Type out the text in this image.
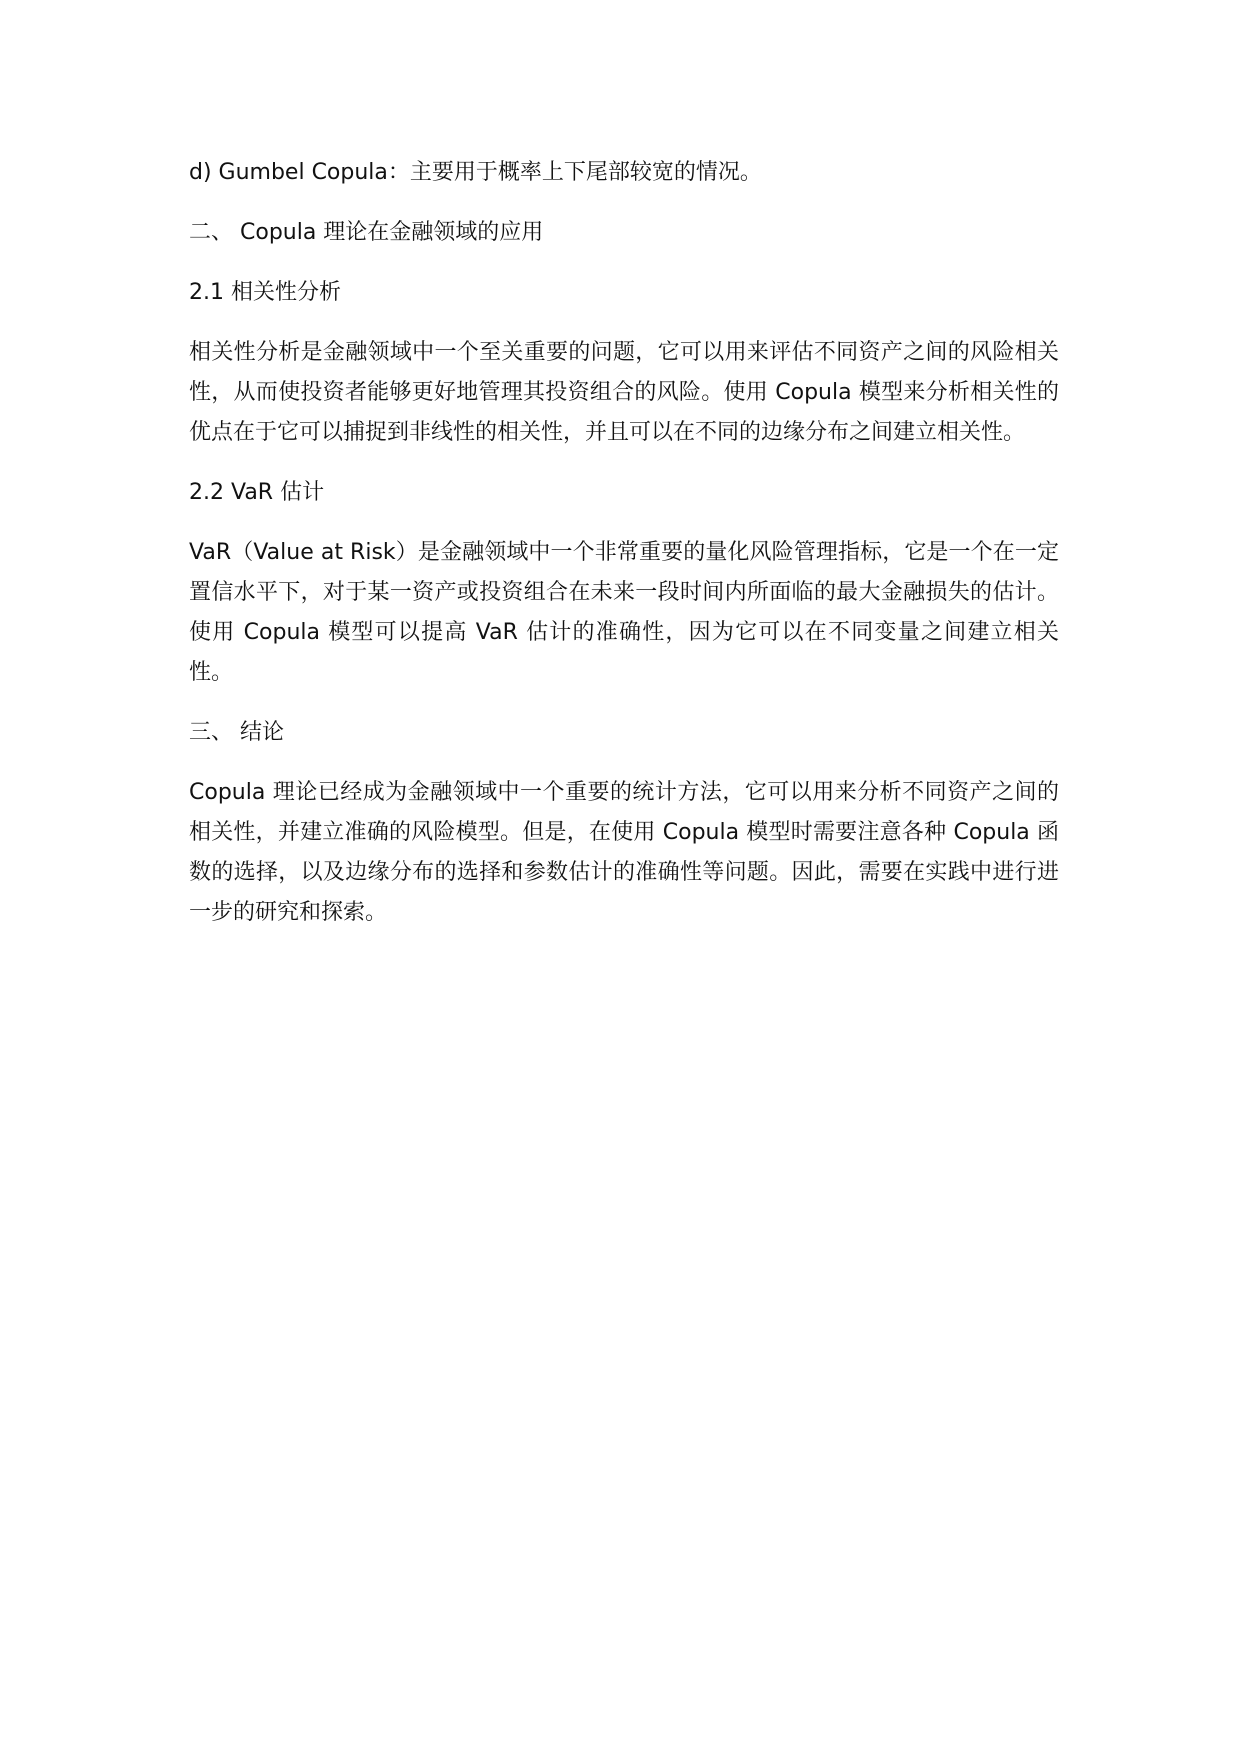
d) Gumbel Copula：主要用于概率上下尾部较宽的情况。

二、 Copula 理论在金融领域的应用

2.1 相关性分析

相关性分析是金融领域中一个至关重要的问题，它可以用来评估不同资产之间的风险相关性，从而使投资者能够更好地管理其投资组合的风险。使用 Copula 模型来分析相关性的优点在于它可以捕捉到非线性的相关性，并且可以在不同的边缘分布之间建立相关性。

2.2 VaR 估计

VaR（Value at Risk）是金融领域中一个非常重要的量化风险管理指标，它是一个在一定置信水平下，对于某一资产或投资组合在未来一段时间内所面临的最大金融损失的估计。使用 Copula 模型可以提高 VaR 估计的准确性，因为它可以在不同变量之间建立相关性。

三、 结论

Copula 理论已经成为金融领域中一个重要的统计方法，它可以用来分析不同资产之间的相关性，并建立准确的风险模型。但是，在使用 Copula 模型时需要注意各种 Copula 函数的选择，以及边缘分布的选择和参数估计的准确性等问题。因此，需要在实践中进行进一步的研究和探索。
